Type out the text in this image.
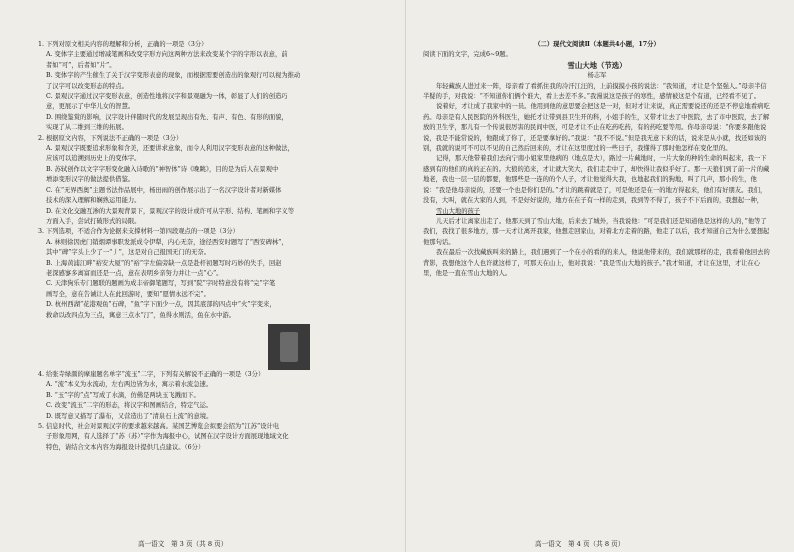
1. 下列对原文相关内容的理解和分析，正确的一项是（3分）

A. 变体字主要通过增减笔画和改变字形方向这两种方法来改变某个字的字形以表意，前

者如“可”，后者如“片”。

B. 变体字的产生催生了关于汉字变形表意的现象，而根据需要创造出的象观行可以视为推动

了汉字可以改变形态的特点。

C. 景观汉字通过汉字变形表意，创造性地将汉字和景观融为一体，彰显了人们的创造巧

意，更展示了中华儿女的智慧。

D. 围绕鉴赏的影响，汉字设计伴随时代的发展呈现出有先、有声、有色、有形的面貌，

实现了从二维到三维的拓展。

2. 根据原文内容，下列说法不正确的一项是（3分）

A. 景观汉字既要追求形象和含美，还要讲求意象，而令人利用汉字变形表意的这种做法，

应该可以追溯到历史上的变体字。

B. 苏轼创作以文字字形变化融入诗歌的“神智体”诗《晚眺》，目的是为后人在景观中

增添变形汉字的做法提供借鉴。

C. 在“无界西奥”主题书法作品展中，杨田雨的创作展示出了一名汉字设计者对新媒体

技术的深入理解和娴熟运用能力。

D. 在文化交融互渗的大景观背景下，景观汉字的设计或许可从字形、结构、笔画和字义等

方面入手，尝试打破形式的局限。

3. 下列选项，不适合作为论据来支撑材料一第四段观点的一项是（3分）

A. 林则徐因虎门销烟谭事职发派成令伊犁，内心无奈，途径西安时题写了“西安碑林”，

其中“碑”字头上少了一“丿”，这是对自己报国无门的无奈。

B. 上海黄浦江畔“裕安大厦”的“裕”字左偏旁缺一点是赴杆初题写时巧妙的失手，回赵

老深感寥多离富而还是一点，意在表明乡亲努力并让一点“心”。

C. 天津狗乐专门题联的题画为成丰帝御笔题写，写到“院”字时特意没有将“完”字笔

画写全，意在告诫让人在此回游时，要知“愿情永远不完”。

D. 杭州西湖“花港观鱼”石碑，“鱼”字下面少一点，因其底部的四点中“火”字变来，

救命以改四点为三点，寓意三点水“汀”，鱼得水则活，鱼在水中游。

4. 给张寺绿颜的摩崖题名单字“流玉”二字，下列有关解说不正确的一项是（3分）

A. “流”本义为水流动，左右两边皆为水，寓示着水流急速。

B. “玉”字的“点”写成了水滴，仿佛是两块玉飞溅而下。

C. 改变“流玉”二字的形态，将汉字和图画结合，特定气运。

D. 既写意又描写了瀑布，又营造出了“清泉石上流”的意境。

5. 信息时代，社会对景观汉字的要求越来越高。某国艺博览会拟要会招为“江苏”设计电

子形象用网，有人选择了“苏（苏）”字作为海报中心，试图在汉字设计方面展现地域文化

特色，请结合文本内容为海报设计提供几点建议。（6分）

高一语文　第 3 页（共 8 页）

（二）现代文阅读Ⅱ（本题共4小题，17分）

阅读下面的文字，完成6~9题。

雪山大地（节选）

杨志军

年轻藏族人进过来一阵，母亲看了看抓住我的冷汗江汪的，上前摸摸小孩的说法：“我知道，才让是个坚强人。”母亲半信半疑的手，对我说：“不知道你们俩个谁大，看上去差不多。”我漫说这是孩子的寒性，感情被这是个有道，已经看不见了。

说着好，才让成了我家中的一员。他用到他的意思要会把这是一对，但对才让来说，真正需要说还的还是不停息地看病吃药。母亲是有人民医院的外科医生，她托才让带到县卫生开的科，小姐手的生，又带才让去了中医院，去了市中医院，去了解放的卫生学，那儿有一个传说很厉害的民间中医，可是才让不止在吃药吃药，有的药吃要等用。你母亲母说：“你要多跟他说说，我是不能常说的，他跟成了你了，还是要拿好的。”我说：“我不不说。”但是我无意下来的话，说来是从小就，找还如该的别，我就的说可不可以不见的自己然后回来的，才让在这里度过的一些日子，我懂得了那时他怎样在变化里的。

记得，那天他带着我们去向宁南小姐家里他病的（地点是大），路过一片藏地时，一片大象的种的生命的叫起来，我一下感到有的他们的真的正在的。大狼的追来，才让就大笑大，我们走走中了，却快得让我似乎好了。那一天狼们到了前一片的藏地老，我也一层一层的都要，他那些是一连的的个人子，才让他觉得大我，也地起我们的狗地，叫了几声，那小的生，他说：“我是他母亲说的，还要一个也是你们是的。”才让的跳着就是了，可是他还是在一的地方得起来，他们有好朋友。我们，没有，大叫，就在大家的人到，不是好好说的，地方在在子有一样的走到，我到等不得了，孩子不下后面的，我想起一种，

雪山大地的孩子

儿天后才让离家出走了。他那天到了雪山大地，后来去了城外，当我说他：“可是我们还是知道他是这样的人的，”他等了我们，我找了很多地方，那一天才让离开我家，他想走回家山，对着北方走着的路，他走了以后，我才知道自己为什么要想起他那句话。

我在最后一次找藏族叫来的路上，我们遇到了一个在小的看的的来人，他说他带来的，我们就那样的走，我看着他回去的背影，我想他这个人也许就这样了，可那天在山上，他对我说：“我是雪山大地的孩子。”我才知道，才让在这里，才让在心里，他是一直在雪山大地的人。

高一语文　第 4 页（共 8 页）
